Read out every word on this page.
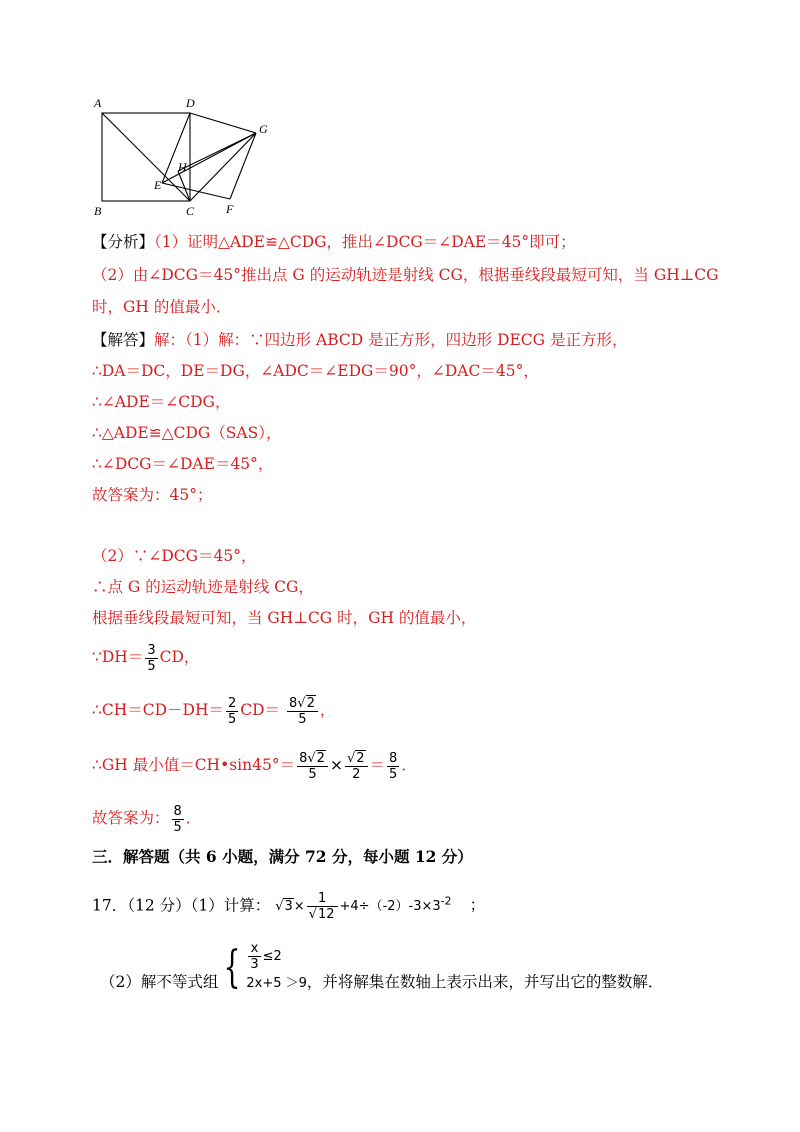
A	D
G
H
E
B	C	F
【分析】（1）证明△ADE≌△CDG，推出∠DCG＝∠DAE＝45°即可；
（2）由∠DCG＝45°推出点 G 的运动轨迹是射线 CG，根据垂线段最短可知，当 GH⊥CG
时，GH 的值最小．
【解答】解：（1）解：∵四边形 ABCD 是正方形，四边形 DECG 是正方形，
∴DA＝DC，DE＝DG，∠ADC＝∠EDG＝90°，∠DAC＝45°，
∴∠ADE＝∠CDG，
∴△ADE≌△CDG（SAS），
∴∠DCG＝∠DAE＝45°，
故答案为：45°；
（2）∵∠DCG＝45°，
∴点 G 的运动轨迹是射线 CG，
根据垂线段最短可知，当 GH⊥CG 时，GH 的值最小，
∵DH＝ $\frac{3}{5}$ CD，
∴CH＝CD－DH＝ $\frac{2}{5} CD= \frac{8√2}{5}$ ，
∴GH 最小值＝CH•sin45°＝ $\frac{8√2}{5} \times \frac{√2}{2} = \frac{8}{5}$ ．
故答案为： $\frac{8}{5}$ ．
三．解答题（共 6 小题，满分 72 分，每小题 12 分）
17．（12 分）（1）计算： $√3\times \frac{1}{√12} +4\div(-2)-3\times 3^{-2}$ ；
（2）解不等式组 { $\frac{x}{3} \le 2$
2x+5 ＞9 ，并将解集在数轴上表示出来，并写出它的整数解．
